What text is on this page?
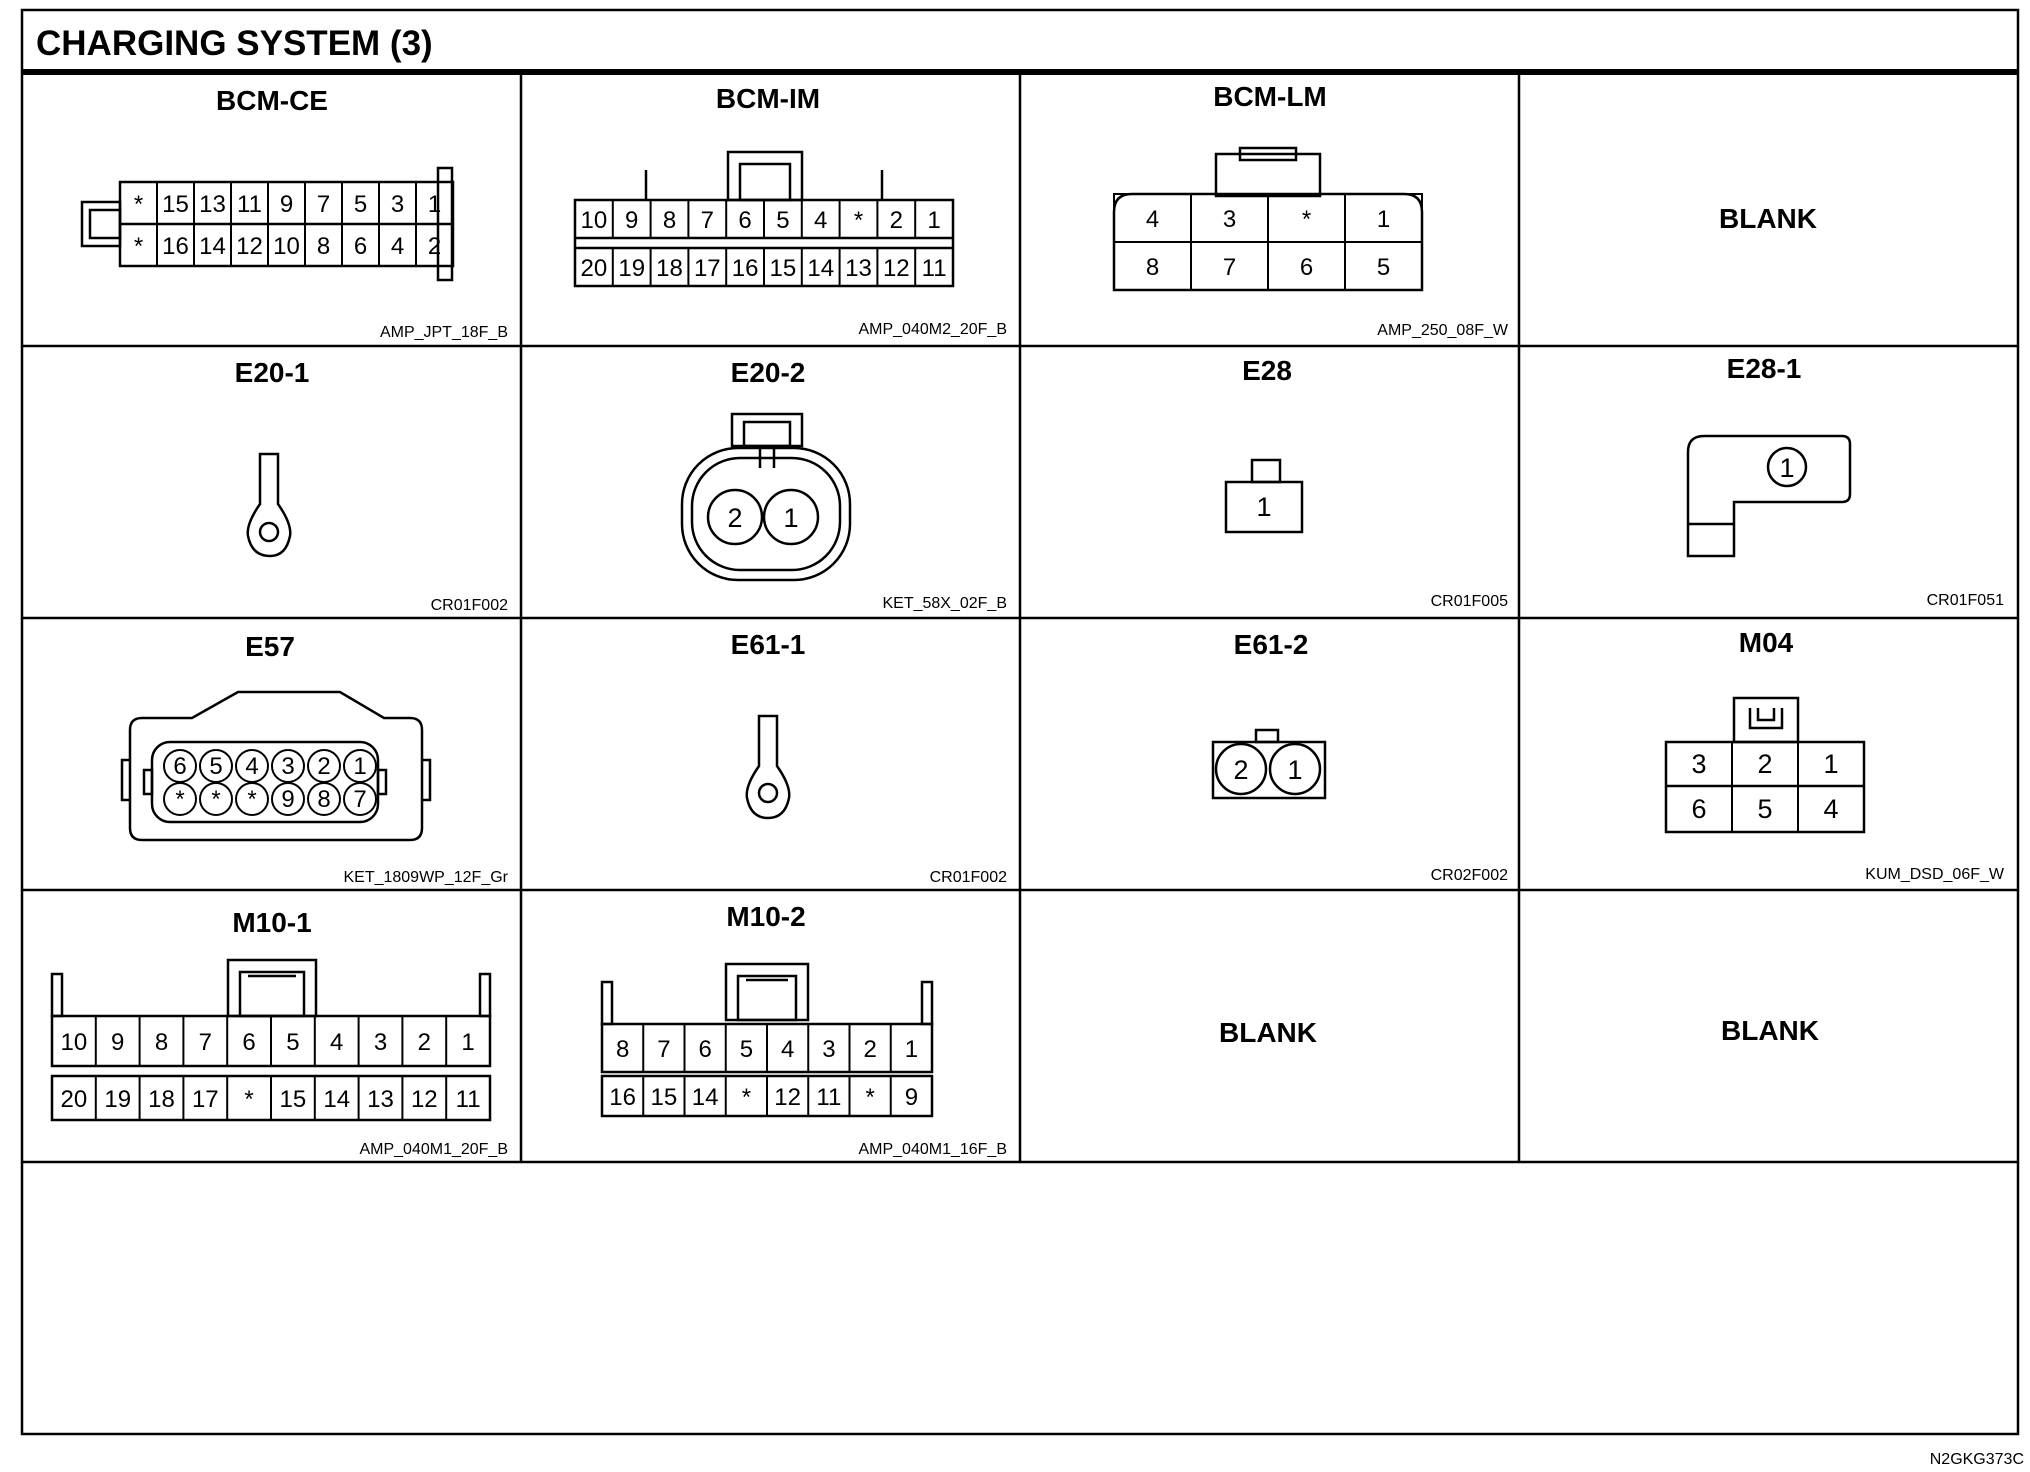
CHARGING SYSTEM (3)
BCM-CE
* 15 13 11 9 7 5 3 1
* 16 14 12 10 8 6 4 2
AMP_JPT_18F_B
BCM-IM
10 9 8 7 6 5 4 * 2 1
20 19 18 17 16 15 14 13 12 11
AMP_040M2_20F_B
BCM-LM
4	3	*	1
8	7	6	5
AMP_250_08F_W
BLANK
E20-1
CR01F002
E20-2
2 1
KET_58X_02F_B
E28
1
CR01F005
E28-1
1
CR01F051
E57
6 5 4 3 2 1
* * * 9 8 7
KET_1809WP_12F_Gr
E61-1
CR01F002
E61-2
2 1
CR02F002
M04
3 2 1
6 5 4
KUM_DSD_06F_W
M10-1
10 9 8 7 6 5 4 3 2 1
20 19 18 17 * 15 14 13 12 11
AMP_040M1_20F_B
M10-2
8 7 6 5 4 3 2 1
16 15 14 * 12 11 * 9
AMP_040M1_16F_B
BLANK	BLANK
N2GKG373C
